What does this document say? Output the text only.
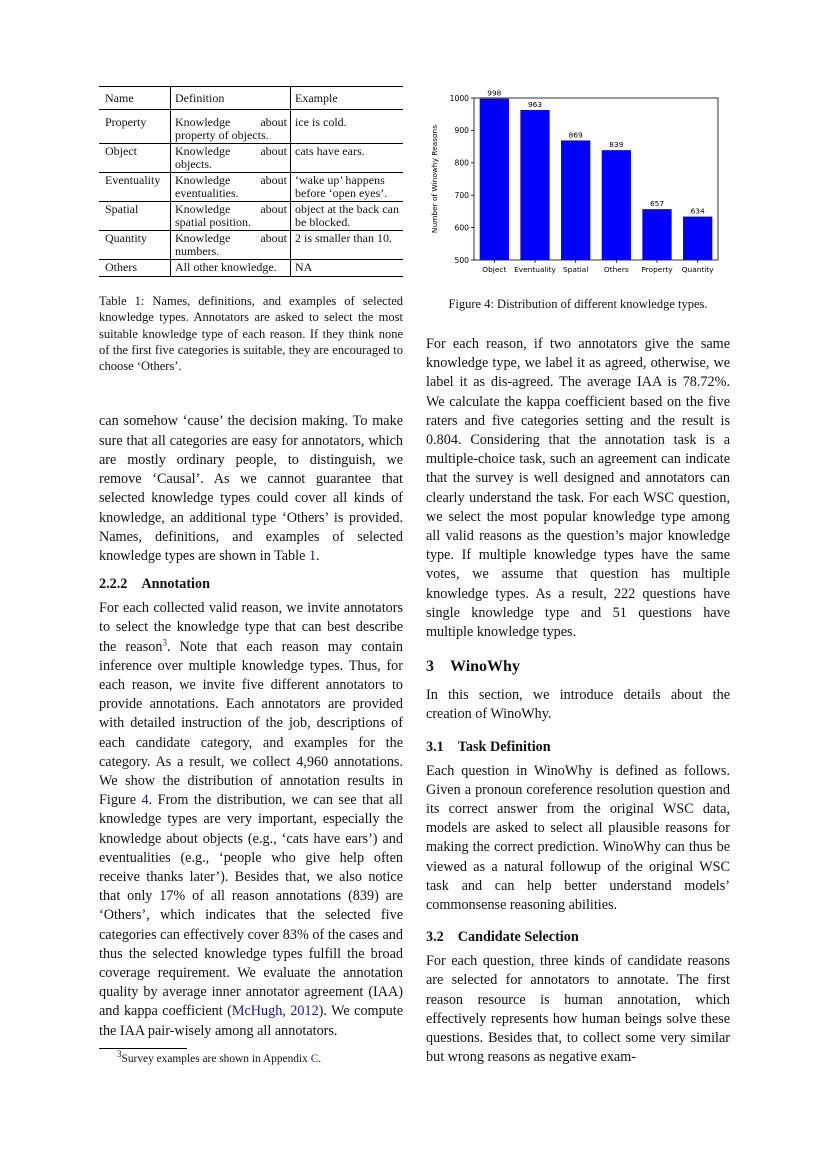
Name	Definition	Example
Property	Knowledge about property of objects.	ice is cold.
Object	Knowledge about objects.	cats have ears.
Eventuality	Knowledge about eventualities.	‘wake up’ happens before ‘open eyes’.
Spatial	Knowledge about spatial position.	object at the back can be blocked.
Quantity	Knowledge about numbers.	2 is smaller than 10.
Others	All other knowledge.	NA
Table 1: Names, definitions, and examples of selected knowledge types. Annotators are asked to select the most suitable knowledge type of each reason. If they think none of the first five categories is suitable, they are encouraged to choose ‘Others’.

can somehow ‘cause’ the decision making. To make sure that all categories are easy for annotators, which are mostly ordinary people, to distinguish, we remove ‘Causal’. As we cannot guarantee that selected knowledge types could cover all kinds of knowledge, an additional type ‘Others’ is provided. Names, definitions, and examples of selected knowledge types are shown in Table 1.

2.2.2 Annotation

For each collected valid reason, we invite annotators to select the knowledge type that can best describe the reason$^3$. Note that each reason may contain inference over multiple knowledge types. Thus, for each reason, we invite five different annotators to provide annotations. Each annotators are provided with detailed instruction of the job, descriptions of each candidate category, and examples for the category. As a result, we collect 4,960 annotations. We show the distribution of annotation results in Figure 4. From the distribution, we can see that all knowledge types are very important, especially the knowledge about objects (e.g., ‘cats have ears’) and eventualities (e.g., ‘people who give help often receive thanks later’). Besides that, we also notice that only 17% of all reason annotations (839) are ‘Others’, which indicates that the selected five categories can effectively cover 83% of the cases and thus the selected knowledge types fulfill the broad coverage requirement. We evaluate the annotation quality by average inner annotator agreement (IAA) and kappa coefficient (McHugh, 2012). We compute the IAA pair-wisely among all annotators.

$^3$Survey examples are shown in Appendix C.
500
600
700
800
900
1000
Number of Winowhy Reasons
998
Object
963
Eventuality
869
Spatial
839
Others
657
Property
634
Quantity
Figure 4: Distribution of different knowledge types.

For each reason, if two annotators give the same knowledge type, we label it as agreed, otherwise, we label it as dis-agreed. The average IAA is 78.72%. We calculate the kappa coefficient based on the five raters and five categories setting and the result is 0.804. Considering that the annotation task is a multiple-choice task, such an agreement can indicate that the survey is well designed and annotators can clearly understand the task. For each WSC question, we select the most popular knowledge type among all valid reasons as the question’s major knowledge type. If multiple knowledge types have the same votes, we assume that question has multiple knowledge types. As a result, 222 questions have single knowledge type and 51 questions have multiple knowledge types.

3 WinoWhy

In this section, we introduce details about the creation of WinoWhy.

3.1 Task Definition

Each question in WinoWhy is defined as follows. Given a pronoun coreference resolution question and its correct answer from the original WSC data, models are asked to select all plausible reasons for making the correct prediction. WinoWhy can thus be viewed as a natural followup of the original WSC task and can help better understand models’ commonsense reasoning abilities.

3.2 Candidate Selection

For each question, three kinds of candidate reasons are selected for annotators to annotate. The first reason resource is human annotation, which effectively represents how human beings solve these questions. Besides that, to collect some very similar but wrong reasons as negative exam-
